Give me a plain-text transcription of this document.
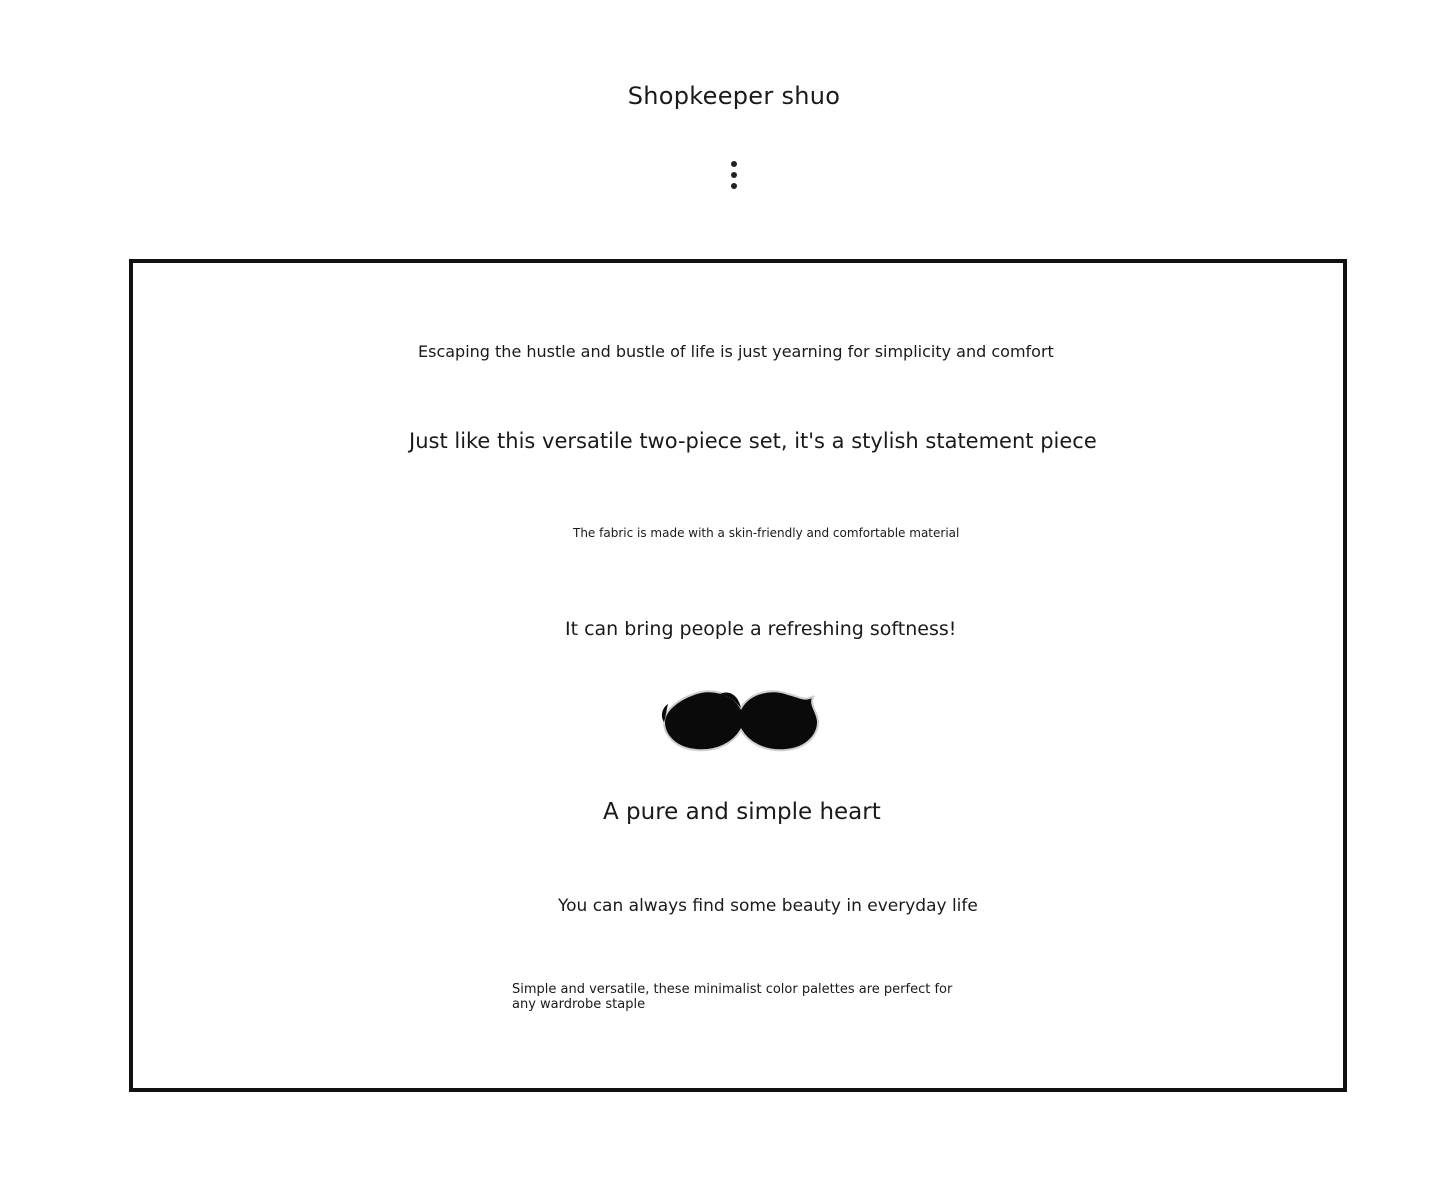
Shopkeeper shuo

Escaping the hustle and bustle of life is just yearning for simplicity and comfort

Just like this versatile two-piece set, it's a stylish statement piece

The fabric is made with a skin-friendly and comfortable material

It can bring people a refreshing softness!

A pure and simple heart

You can always find some beauty in everyday life

Simple and versatile, these minimalist color palettes are perfect for any wardrobe staple
